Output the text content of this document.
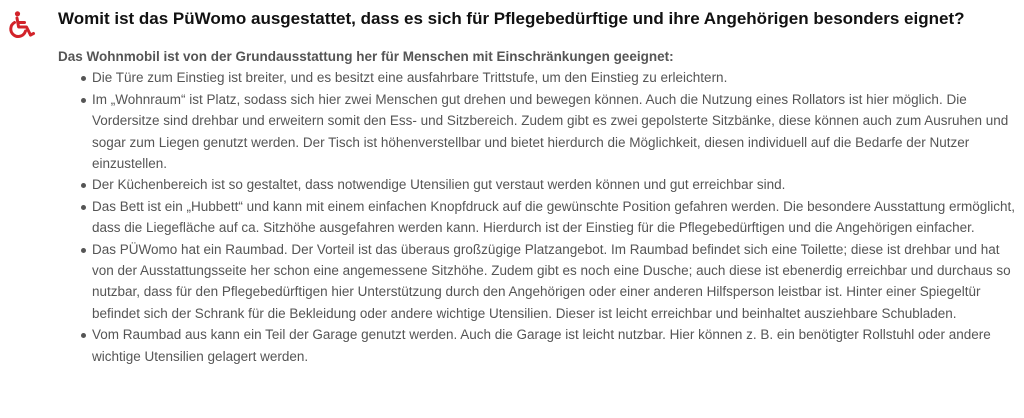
Womit ist das PüWomo ausgestattet, dass es sich für Pflegebedürftige und ihre Angehörigen besonders eignet?

Das Wohnmobil ist von der Grundausstattung her für Menschen mit Einschränkungen geeignet:

Die Türe zum Einstieg ist breiter, und es besitzt eine ausfahrbare Trittstufe, um den Einstieg zu erleichtern.
Im „Wohnraum“ ist Platz, sodass sich hier zwei Menschen gut drehen und bewegen können. Auch die Nutzung eines Rollators ist hier möglich. Die Vordersitze sind drehbar und erweitern somit den Ess- und Sitzbereich. Zudem gibt es zwei gepolsterte Sitzbänke, diese können auch zum Ausruhen und sogar zum Liegen genutzt werden. Der Tisch ist höhenverstellbar und bietet hierdurch die Möglichkeit, diesen individuell auf die Bedarfe der Nutzer einzustellen.
Der Küchenbereich ist so gestaltet, dass notwendige Utensilien gut verstaut werden können und gut erreichbar sind.
Das Bett ist ein „Hubbett“ und kann mit einem einfachen Knopfdruck auf die gewünschte Position gefahren werden. Die besondere Ausstattung ermöglicht, dass die Liegefläche auf ca. Sitzhöhe ausgefahren werden kann. Hierdurch ist der Einstieg für die Pflegebedürftigen und die Angehörigen einfacher.
Das PÜWomo hat ein Raumbad. Der Vorteil ist das überaus großzügige Platzangebot. Im Raumbad befindet sich eine Toilette; diese ist drehbar und hat von der Ausstattungsseite her schon eine angemessene Sitzhöhe. Zudem gibt es noch eine Dusche; auch diese ist ebenerdig erreichbar und durchaus so nutzbar, dass für den Pflegebedürftigen hier Unterstützung durch den Angehörigen oder einer anderen Hilfsperson leistbar ist. Hinter einer Spiegeltür befindet sich der Schrank für die Bekleidung oder andere wichtige Utensilien. Dieser ist leicht erreichbar und beinhaltet ausziehbare Schubladen.
Vom Raumbad aus kann ein Teil der Garage genutzt werden. Auch die Garage ist leicht nutzbar. Hier können z. B. ein benötigter Rollstuhl oder andere wichtige Utensilien gelagert werden.
